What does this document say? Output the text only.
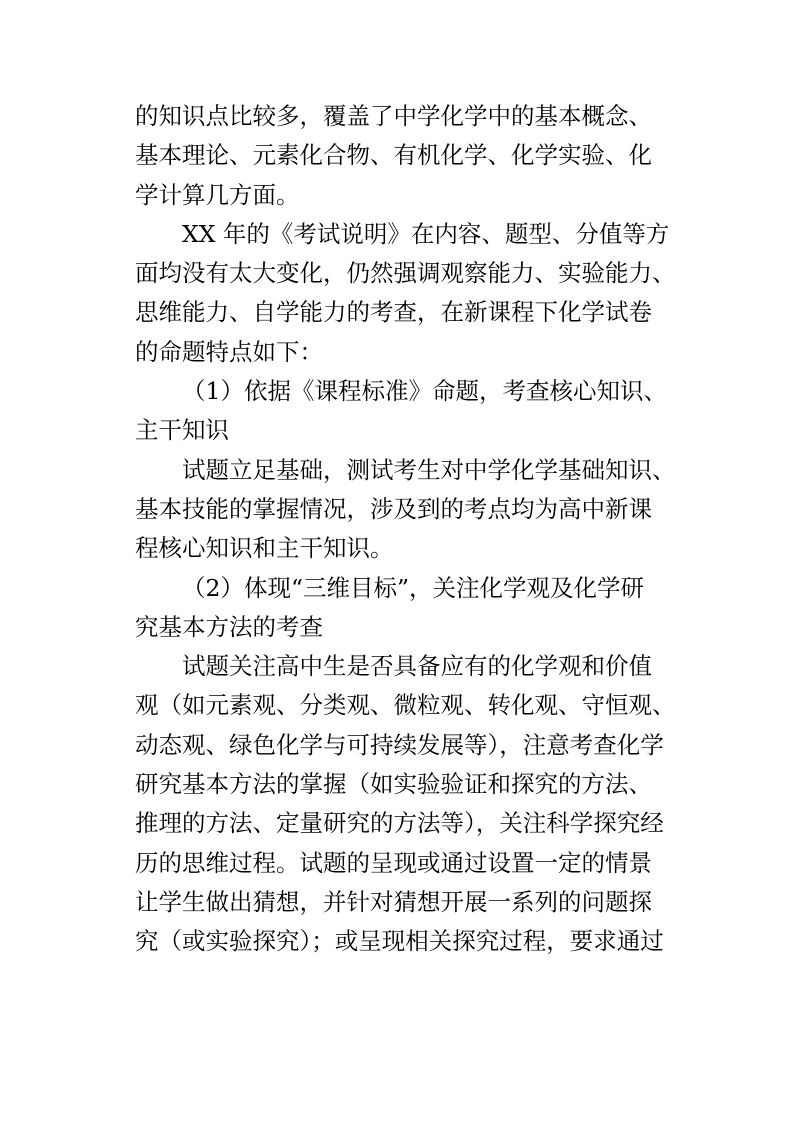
的知识点比较多，覆盖了中学化学中的基本概念、
基本理论、元素化合物、有机化学、化学实验、化
学计算几方面。
XX 年的《考试说明》在内容、题型、分值等方
面均没有太大变化，仍然强调观察能力、实验能力、
思维能力、自学能力的考查，在新课程下化学试卷
的命题特点如下：
（1）依据《课程标准》命题，考查核心知识、
主干知识
试题立足基础，测试考生对中学化学基础知识、
基本技能的掌握情况，涉及到的考点均为高中新课
程核心知识和主干知识。
（2）体现“三维目标”，关注化学观及化学研
究基本方法的考查
试题关注高中生是否具备应有的化学观和价值
观（如元素观、分类观、微粒观、转化观、守恒观、
动态观、绿色化学与可持续发展等），注意考查化学
研究基本方法的掌握（如实验验证和探究的方法、
推理的方法、定量研究的方法等），关注科学探究经
历的思维过程。试题的呈现或通过设置一定的情景
让学生做出猜想，并针对猜想开展一系列的问题探
究（或实验探究）；或呈现相关探究过程，要求通过
